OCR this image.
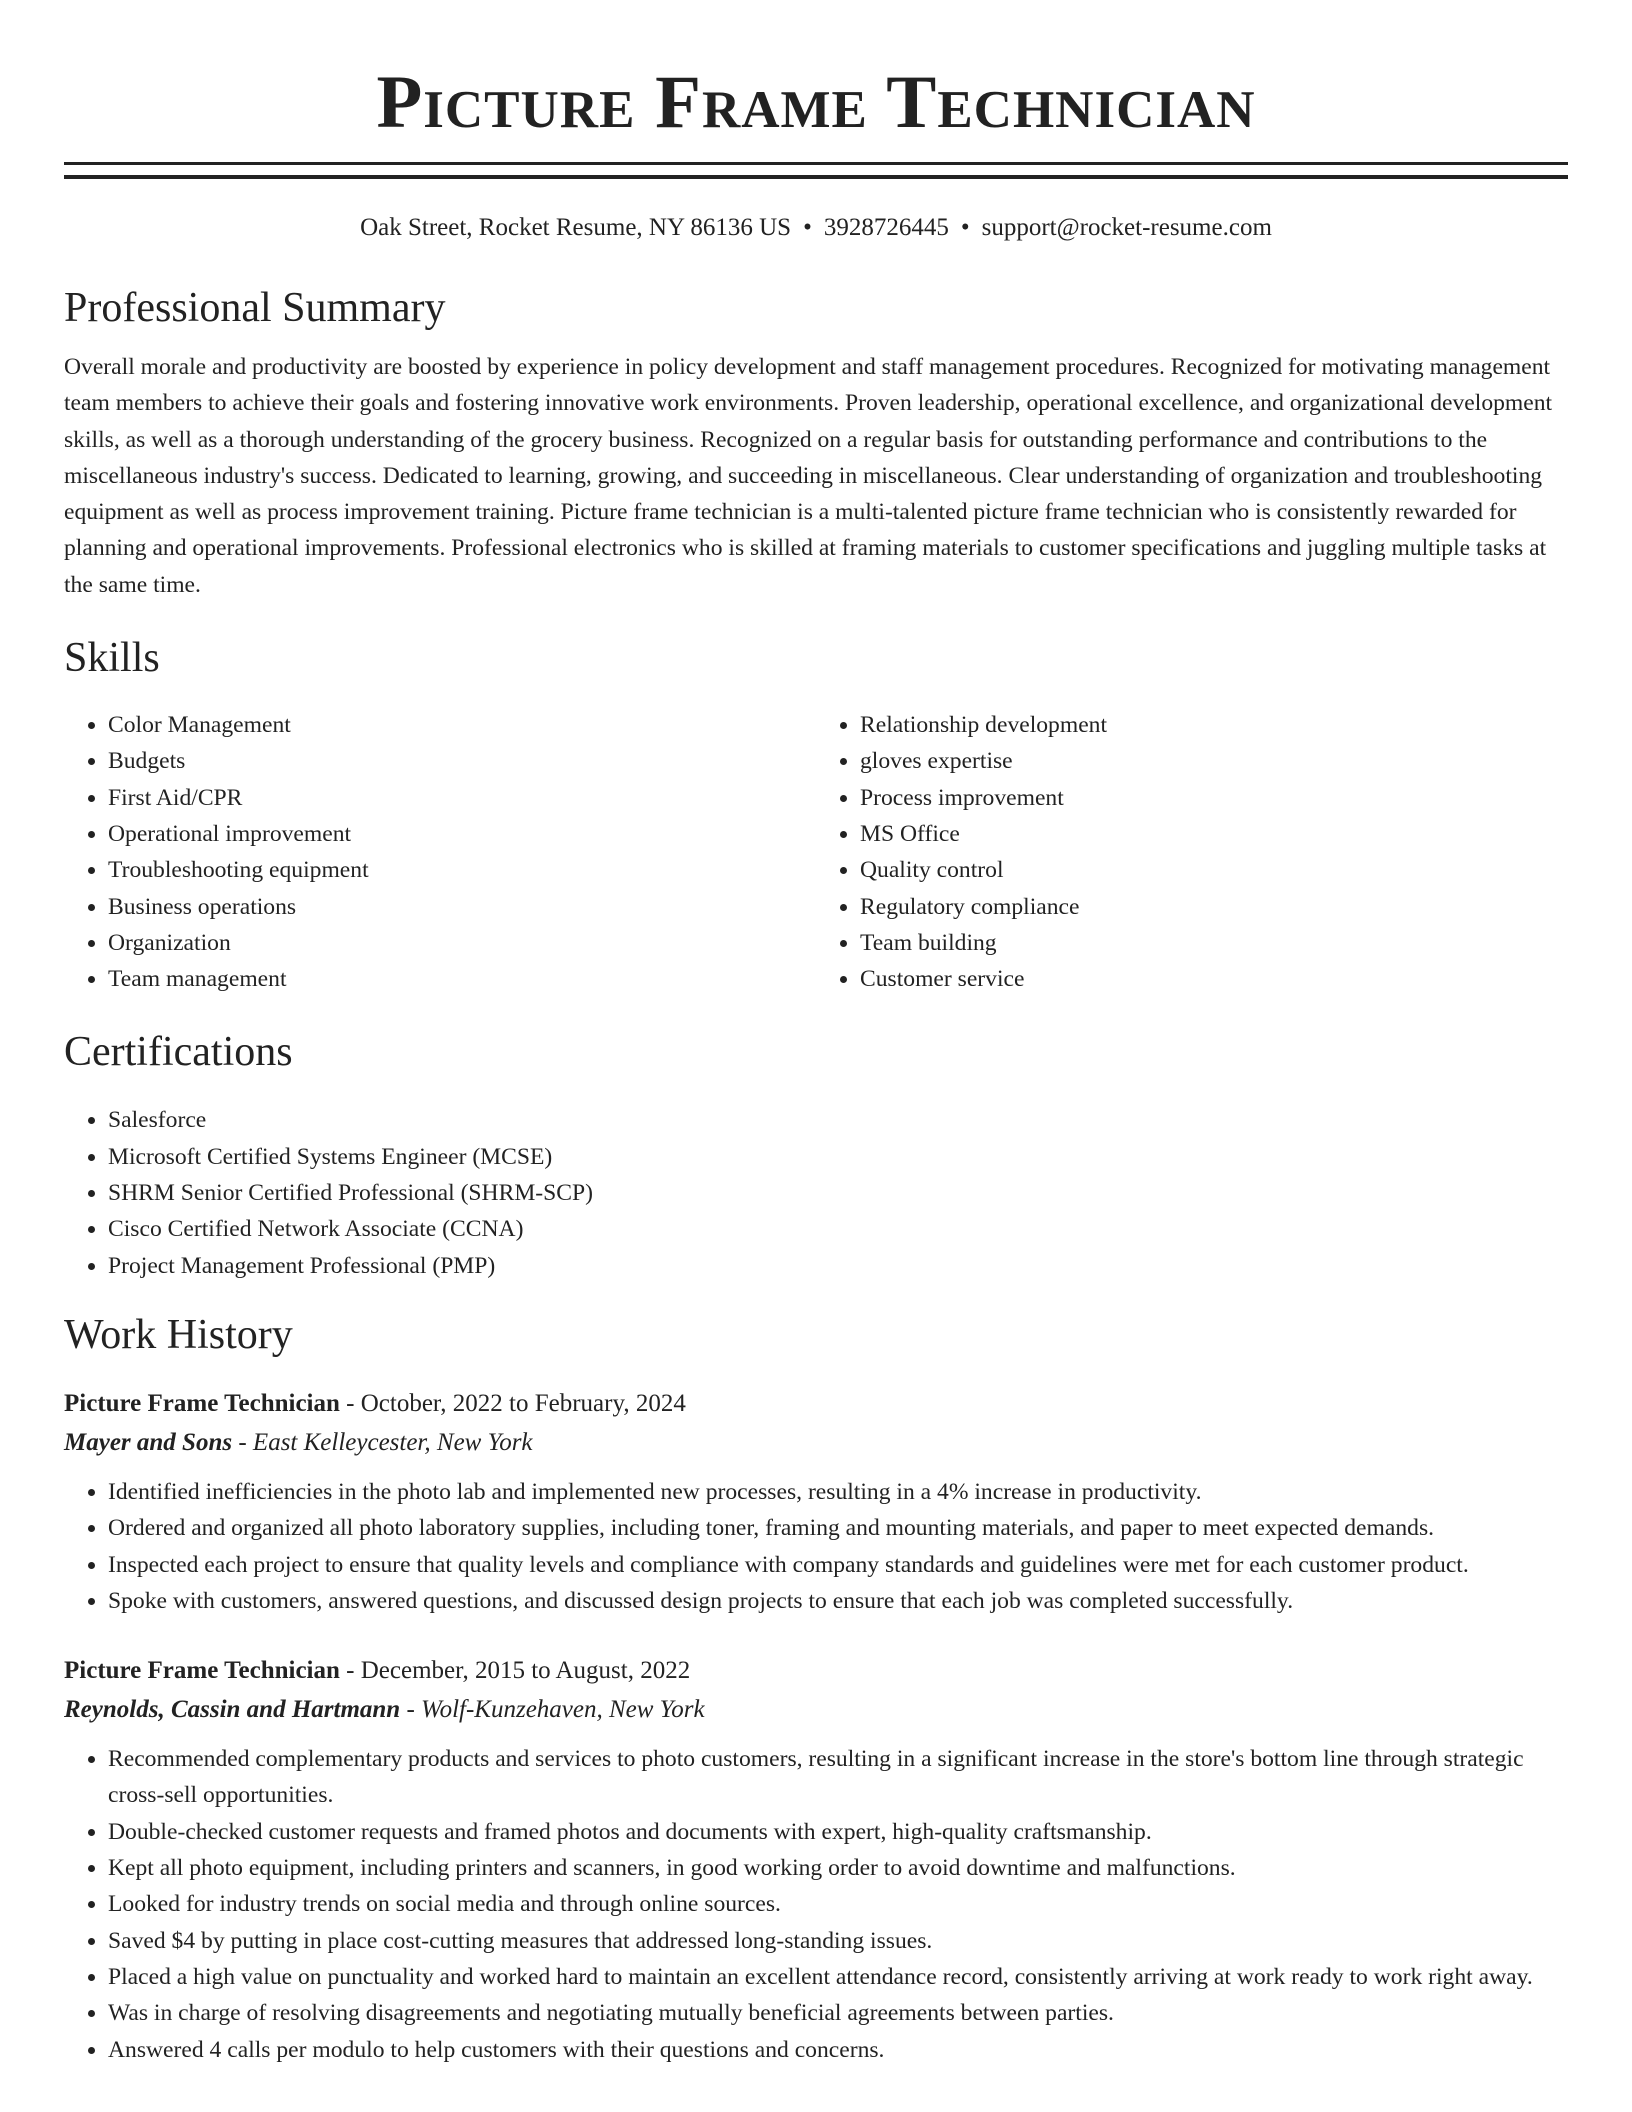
Picture Frame Technician
Oak Street, Rocket Resume, NY 86136 US • 3928726445 • support@rocket-resume.com
Professional Summary

Overall morale and productivity are boosted by experience in policy development and staff management procedures. Recognized for motivating management team members to achieve their goals and fostering innovative work environments. Proven leadership, operational excellence, and organizational development skills, as well as a thorough understanding of the grocery business. Recognized on a regular basis for outstanding performance and contributions to the miscellaneous industry's success. Dedicated to learning, growing, and succeeding in miscellaneous. Clear understanding of organization and troubleshooting equipment as well as process improvement training. Picture frame technician is a multi-talented picture frame technician who is consistently rewarded for planning and operational improvements. Professional electronics who is skilled at framing materials to customer specifications and juggling multiple tasks at the same time.

Skills
• Color Management
• Budgets
• First Aid/CPR
• Operational improvement
• Troubleshooting equipment
• Business operations
• Organization
• Team management
• Relationship development
• gloves expertise
• Process improvement
• MS Office
• Quality control
• Regulatory compliance
• Team building
• Customer service
Certifications
• Salesforce
• Microsoft Certified Systems Engineer (MCSE)
• SHRM Senior Certified Professional (SHRM-SCP)
• Cisco Certified Network Associate (CCNA)
• Project Management Professional (PMP)
Work History
Picture Frame Technician - October, 2022 to February, 2024
Mayer and Sons - East Kelleycester, New York
• Identified inefficiencies in the photo lab and implemented new processes, resulting in a 4% increase in productivity.
• Ordered and organized all photo laboratory supplies, including toner, framing and mounting materials, and paper to meet expected demands.
• Inspected each project to ensure that quality levels and compliance with company standards and guidelines were met for each customer product.
• Spoke with customers, answered questions, and discussed design projects to ensure that each job was completed successfully.
Picture Frame Technician - December, 2015 to August, 2022
Reynolds, Cassin and Hartmann - Wolf-Kunzehaven, New York
• Recommended complementary products and services to photo customers, resulting in a significant increase in the store's bottom line through strategic cross-sell opportunities.
• Double-checked customer requests and framed photos and documents with expert, high-quality craftsmanship.
• Kept all photo equipment, including printers and scanners, in good working order to avoid downtime and malfunctions.
• Looked for industry trends on social media and through online sources.
• Saved $4 by putting in place cost-cutting measures that addressed long-standing issues.
• Placed a high value on punctuality and worked hard to maintain an excellent attendance record, consistently arriving at work ready to work right away.
• Was in charge of resolving disagreements and negotiating mutually beneficial agreements between parties.
• Answered 4 calls per modulo to help customers with their questions and concerns.
